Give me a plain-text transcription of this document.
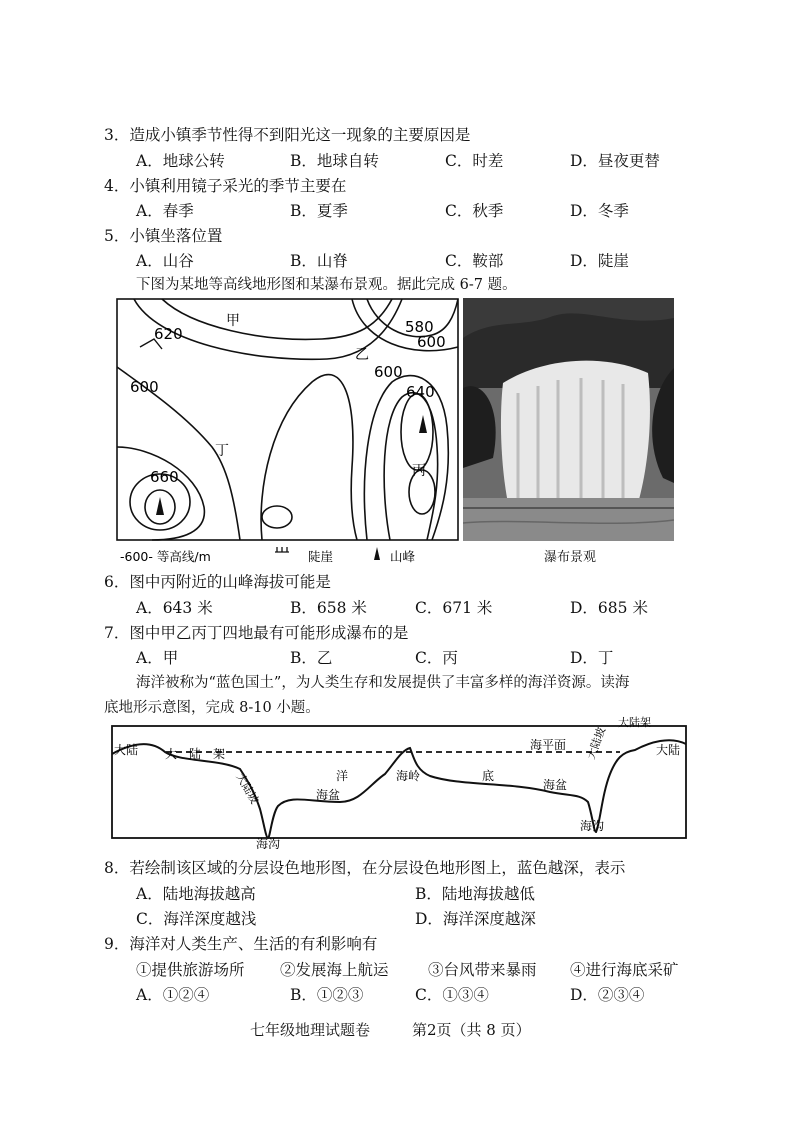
3．造成小镇季节性得不到阳光这一现象的主要原因是
A．地球公转	B．地球自转	C．时差	D．昼夜更替
4．小镇利用镜子采光的季节主要在
A．春季	B．夏季	C．秋季	D．冬季
5．小镇坐落位置
A．山谷	B．山脊	C．鞍部	D．陡崖
下图为某地等高线地形图和某瀑布景观。据此完成 6-7 题。
620	580
600
600
600
640
660
甲
乙
丙
丁
-600- 等高线/m	陡崖	山峰	瀑布景观
6．图中丙附近的山峰海拔可能是
A．643 米	B．658 米	C．671 米	D．685 米
7．图中甲乙丙丁四地最有可能形成瀑布的是
A．甲	B．乙	C．丙	D．丁
海洋被称为“蓝色国土”，为人类生存和发展提供了丰富多样的海洋资源。读海
底地形示意图，完成 8-10 小题。
大陆	大陆
大　陆　架
大陆坡
大陆坡
大陆架
海平面
洋	底
海盆
海盆
海岭
海沟
海沟
8．若绘制该区域的分层设色地形图，在分层设色地形图上，蓝色越深，表示
A．陆地海拔越高	B．陆地海拔越低
C．海洋深度越浅	D．海洋深度越深
9．海洋对人类生产、生活的有利影响有
①提供旅游场所 ②发展海上航运	③台风带来暴雨 ④进行海底采矿
A．①②④	B．①②③	C．①③④	D．②③④
七年级地理试题卷	第2页（共 8 页）
